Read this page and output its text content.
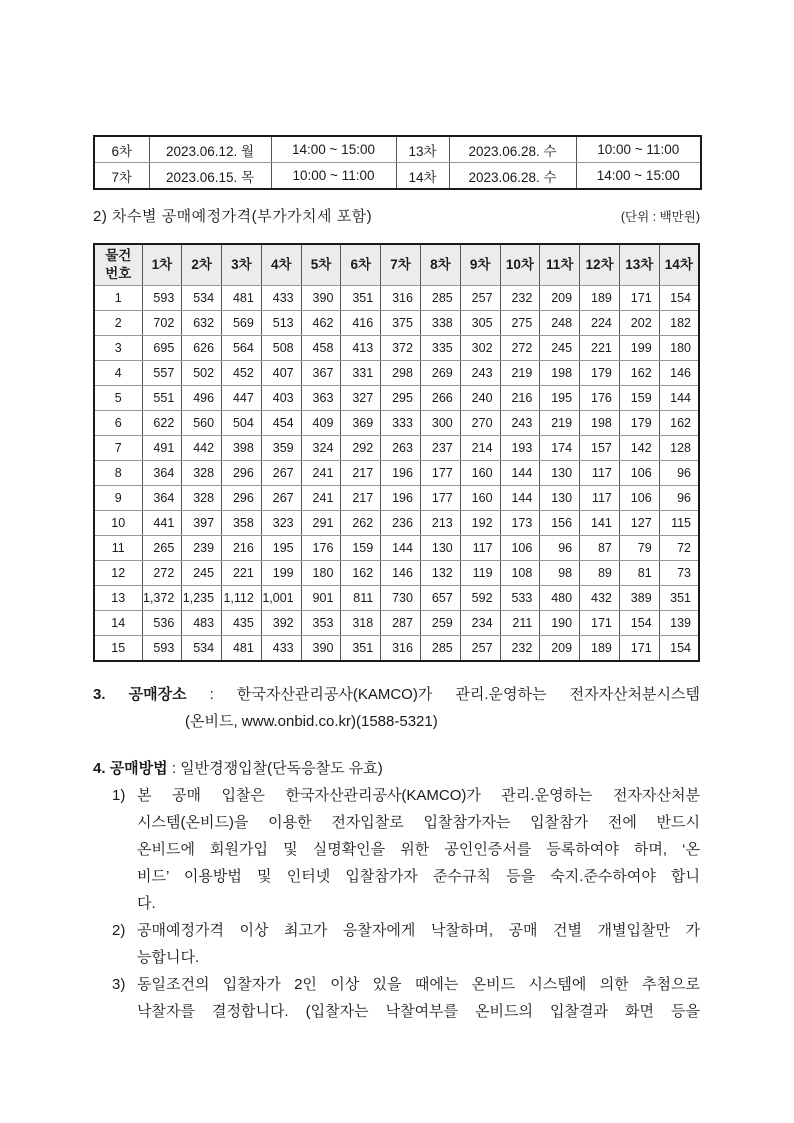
6차	2023.06.12. 월	14:00 ~ 15:00	13차	2023.06.28. 수	10:00 ~ 11:00
7차	2023.06.15. 목	10:00 ~ 11:00	14차	2023.06.28. 수	14:00 ~ 15:00
2) 차수별 공매예정가격(부가가치세 포함)	(단위 : 백만원)
물건
번호	1차	2차	3차	4차	5차	6차	7차	8차	9차	10차	11차	12차	13차	14차
1	593	534	481	433	390	351	316	285	257	232	209	189	171	154
2	702	632	569	513	462	416	375	338	305	275	248	224	202	182
3	695	626	564	508	458	413	372	335	302	272	245	221	199	180
4	557	502	452	407	367	331	298	269	243	219	198	179	162	146
5	551	496	447	403	363	327	295	266	240	216	195	176	159	144
6	622	560	504	454	409	369	333	300	270	243	219	198	179	162
7	491	442	398	359	324	292	263	237	214	193	174	157	142	128
8	364	328	296	267	241	217	196	177	160	144	130	117	106	96
9	364	328	296	267	241	217	196	177	160	144	130	117	106	96
10	441	397	358	323	291	262	236	213	192	173	156	141	127	115
11	265	239	216	195	176	159	144	130	117	106	96	87	79	72
12	272	245	221	199	180	162	146	132	119	108	98	89	81	73
13	1,372	1,235	1,112	1,001	901	811	730	657	592	533	480	432	389	351
14	536	483	435	392	353	318	287	259	234	211	190	171	154	139
15	593	534	481	433	390	351	316	285	257	232	209	189	171	154
3. 공매장소 : 한국자산관리공사(KAMCO)가 관리.운영하는 전자자산처분시스템
(온비드, www.onbid.co.kr)(1588-5321)
4. 공매방법 : 일반경쟁입찰(단독응찰도 유효)
1) 본 공매 입찰은 한국자산관리공사(KAMCO)가 관리.운영하는 전자자산처분
시스템(온비드)을 이용한 전자입찰로 입찰참가자는 입찰참가 전에 반드시
온비드에 회원가입 및 실명확인을 위한 공인인증서를 등록하여야 하며, ‘온
비드’ 이용방법 및 인터넷 입찰참가자 준수규칙 등을 숙지.준수하여야 합니
다.
2) 공매예정가격 이상 최고가 응찰자에게 낙찰하며, 공매 건별 개별입찰만 가
능합니다.
3) 동일조건의 입찰자가 2인 이상 있을 때에는 온비드 시스템에 의한 추첨으로
낙찰자를 결정합니다. (입찰자는 낙찰여부를 온비드의 입찰결과 화면 등을
